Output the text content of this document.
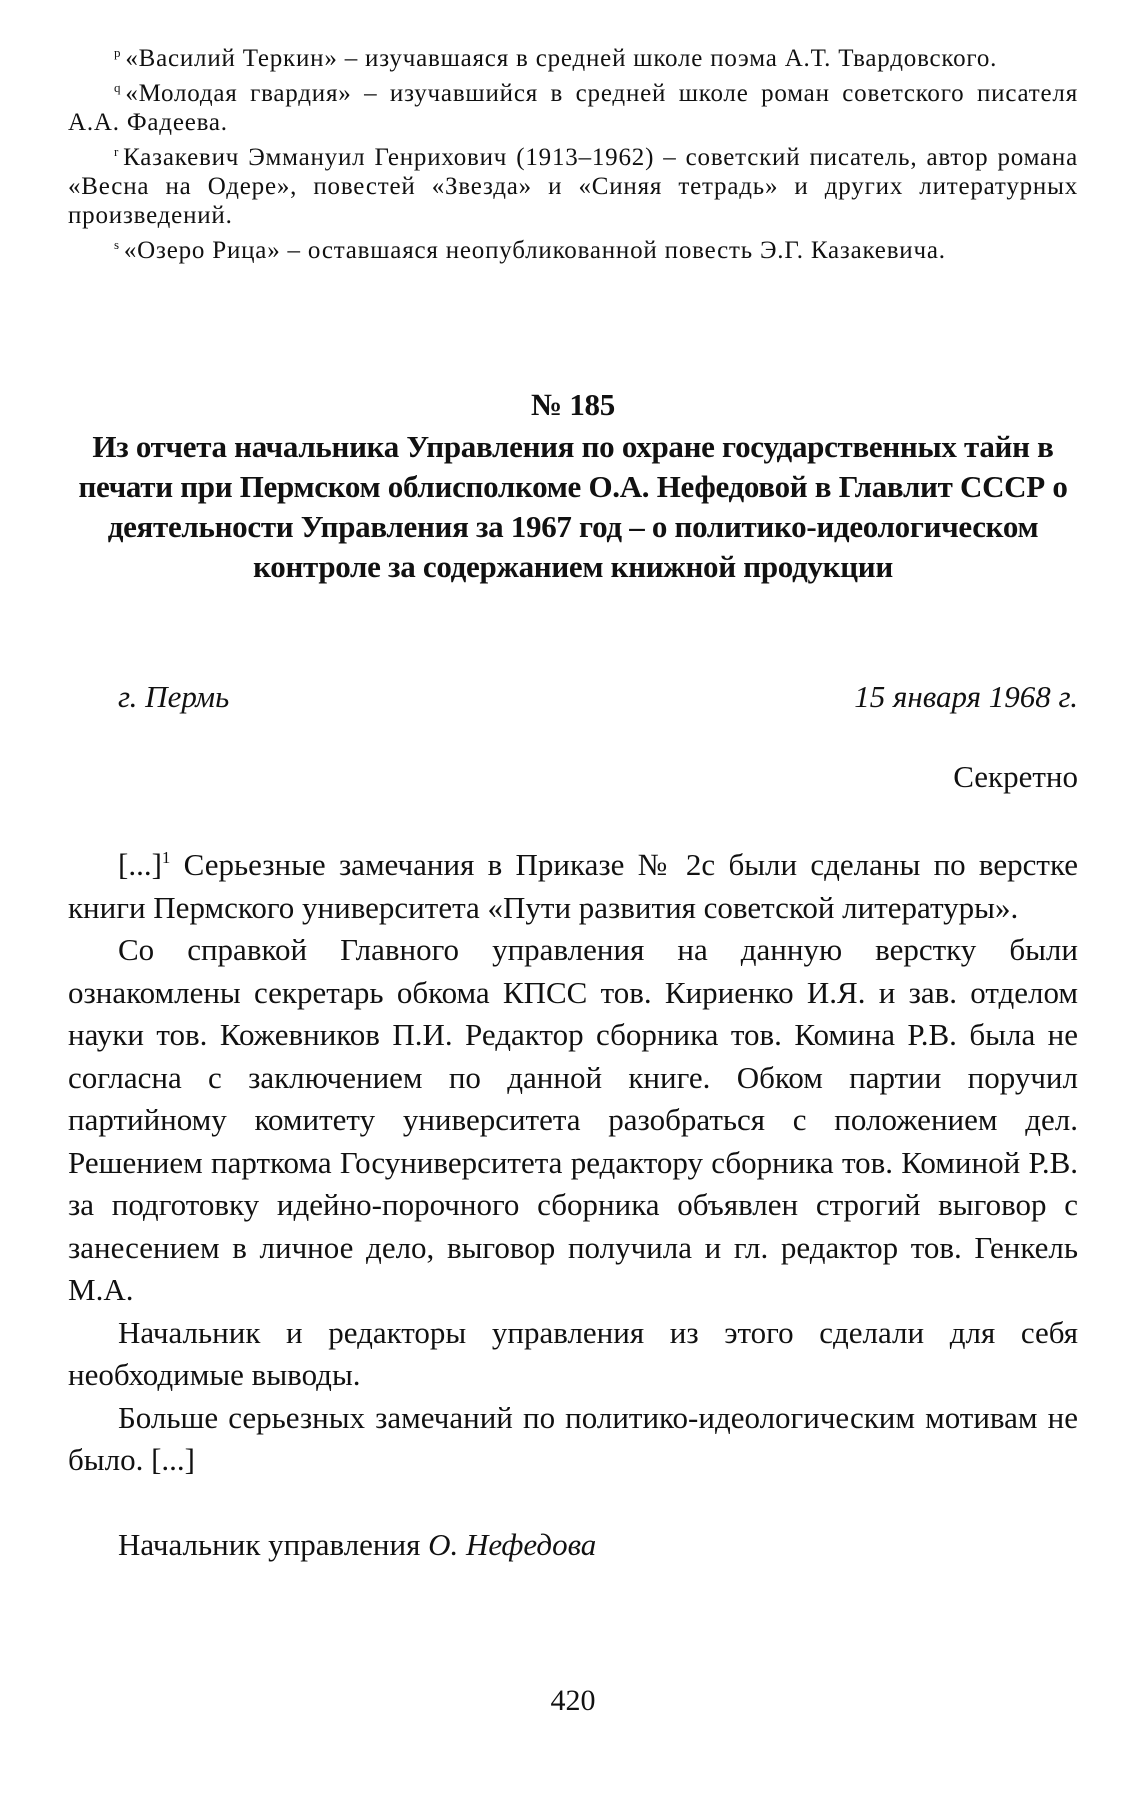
$^р$ «Василий Теркин» – изучавшаяся в средней школе поэма А.Т. Твардовского.

$^q$ «Молодая гвардия» – изучавшийся в средней школе роман советского писателя А.А. Фадеева.

$^r$ Казакевич Эммануил Генрихович (1913–1962) – советский писатель, автор романа «Весна на Одере», повестей «Звезда» и «Синяя тетрадь» и других литературных произведений.

$^s$ «Озеро Рица» – оставшаяся неопубликованной повесть Э.Г. Казакевича.

№ 185
Из отчета начальника Управления по охране государственных тайн в печати при Пермском облисполкоме О.А. Нефедовой в Главлит СССР о деятельности Управления за 1967 год – о политико-идеологическом контроле за содержанием книжной продукции
г. Пермь	15 января 1968 г.
Секретно

[...]$^1$ Серьезные замечания в Приказе № 2с были сделаны по верстке книги Пермского университета «Пути развития советской литературы».

Со справкой Главного управления на данную верстку были ознакомлены секретарь обкома КПСС тов. Кириенко И.Я. и зав. отделом науки тов. Кожевников П.И. Редактор сборника тов. Комина Р.В. была не согласна с заключением по данной книге. Обком партии поручил партийному комитету университета разобраться с положением дел. Решением парткома Госуниверситета редактору сборника тов. Коминой Р.В. за подготовку идейно-порочного сборника объявлен строгий выговор с занесением в личное дело, выговор получила и гл. редактор тов. Генкель М.А.

Начальник и редакторы управления из этого сделали для себя необходимые выводы.

Больше серьезных замечаний по политико-идеологическим мотивам не было. [...]

Начальник управления О. Нефедова
420
